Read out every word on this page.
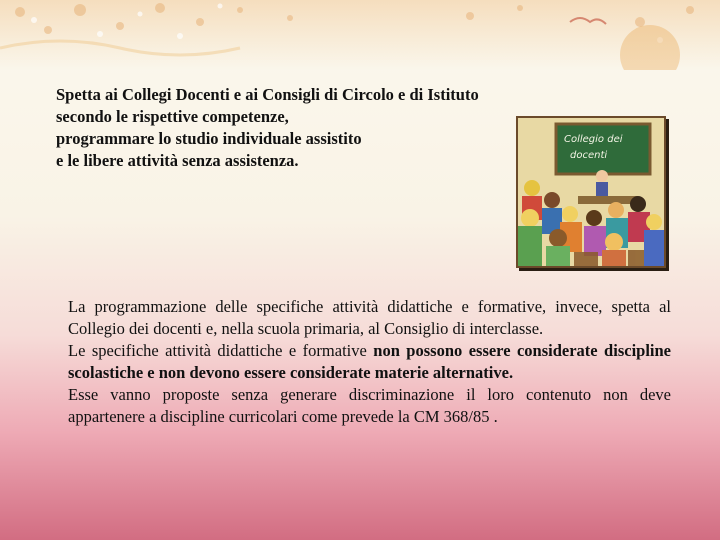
Spetta ai Collegi Docenti e ai Consigli di Circolo e di Istituto

secondo le rispettive competenze,

programmare lo studio individuale assistito

e le libere attività senza assistenza.

Collegio dei
docenti

La programmazione delle specifiche attività didattiche e formative, invece, spetta al Collegio dei docenti e, nella scuola primaria, al Consiglio di interclasse.

Le specifiche attività didattiche e formative non possono essere considerate discipline scolastiche e non devono essere considerate materie alternative.

Esse vanno proposte senza generare discriminazione il loro contenuto non deve appartenere a discipline curricolari come prevede la CM 368/85 .
